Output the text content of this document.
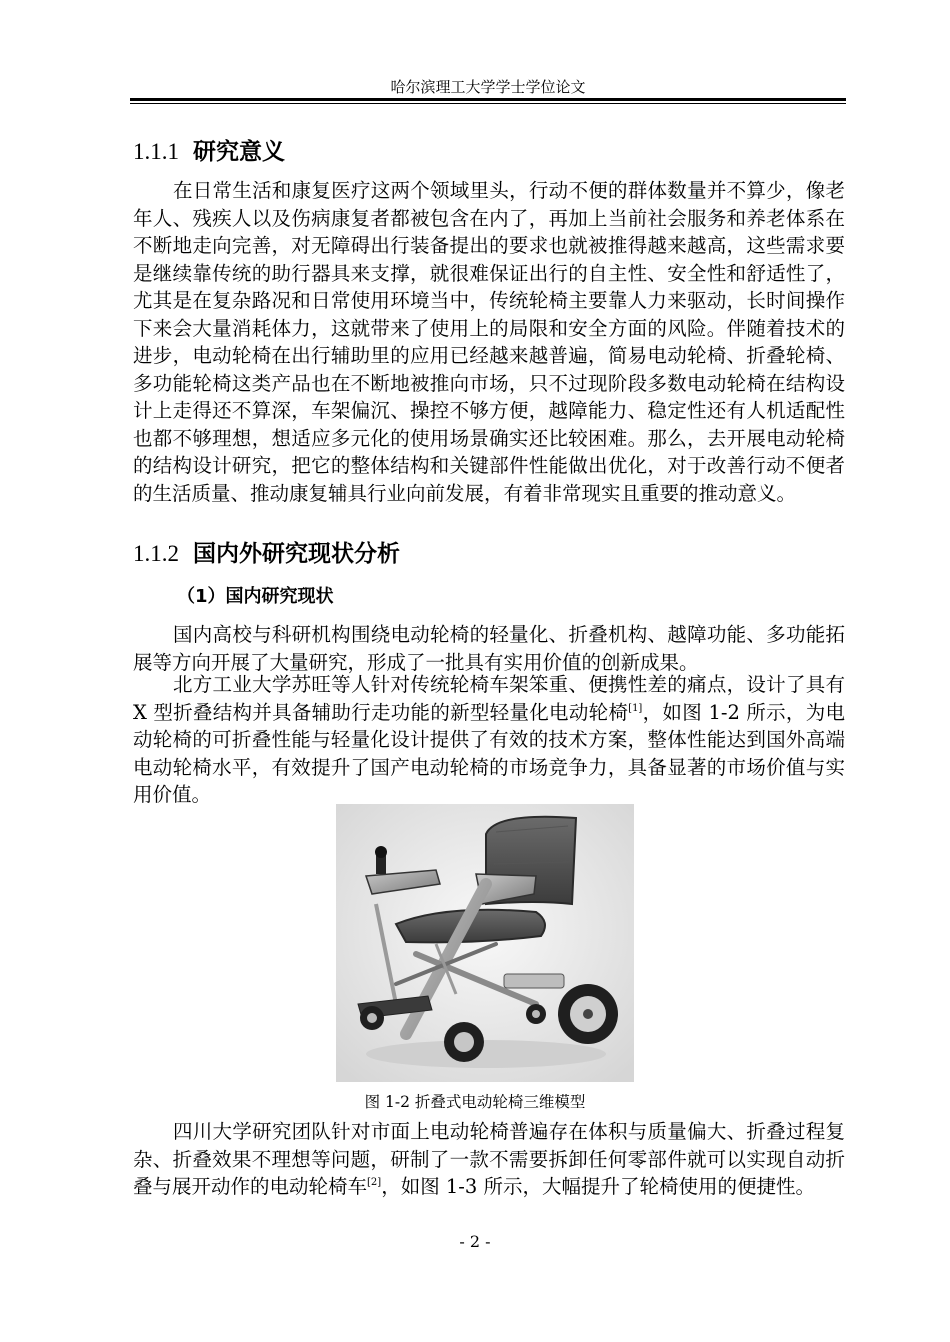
哈尔滨理工大学学士学位论文
1.1.1 研究意义

在日常生活和康复医疗这两个领域里头，行动不便的群体数量并不算少，像老年人、残疾人以及伤病康复者都被包含在内了，再加上当前社会服务和养老体系在不断地走向完善，对无障碍出行装备提出的要求也就被推得越来越高，这些需求要是继续靠传统的助行器具来支撑，就很难保证出行的自主性、安全性和舒适性了，尤其是在复杂路况和日常使用环境当中，传统轮椅主要靠人力来驱动，长时间操作下来会大量消耗体力，这就带来了使用上的局限和安全方面的风险。伴随着技术的进步，电动轮椅在出行辅助里的应用已经越来越普遍，简易电动轮椅、折叠轮椅、多功能轮椅这类产品也在不断地被推向市场，只不过现阶段多数电动轮椅在结构设计上走得还不算深，车架偏沉、操控不够方便，越障能力、稳定性还有人机适配性也都不够理想，想适应多元化的使用场景确实还比较困难。那么，去开展电动轮椅的结构设计研究，把它的整体结构和关键部件性能做出优化，对于改善行动不便者的生活质量、推动康复辅具行业向前发展，有着非常现实且重要的推动意义。

1.1.2 国内外研究现状分析
（1）国内研究现状

国内高校与科研机构围绕电动轮椅的轻量化、折叠机构、越障功能、多功能拓展等方向开展了大量研究，形成了一批具有实用价值的创新成果。

北方工业大学苏旺等人针对传统轮椅车架笨重、便携性差的痛点，设计了具有 X 型折叠结构并具备辅助行走功能的新型轻量化电动轮椅[1]，如图 1-2 所示，为电动轮椅的可折叠性能与轻量化设计提供了有效的技术方案，整体性能达到国外高端电动轮椅水平，有效提升了国产电动轮椅的市场竞争力，具备显著的市场价值与实用价值。

图 1-2 折叠式电动轮椅三维模型

四川大学研究团队针对市面上电动轮椅普遍存在体积与质量偏大、折叠过程复杂、折叠效果不理想等问题，研制了一款不需要拆卸任何零部件就可以实现自动折叠与展开动作的电动轮椅车[2]，如图 1-3 所示，大幅提升了轮椅使用的便捷性。

- 2 -
